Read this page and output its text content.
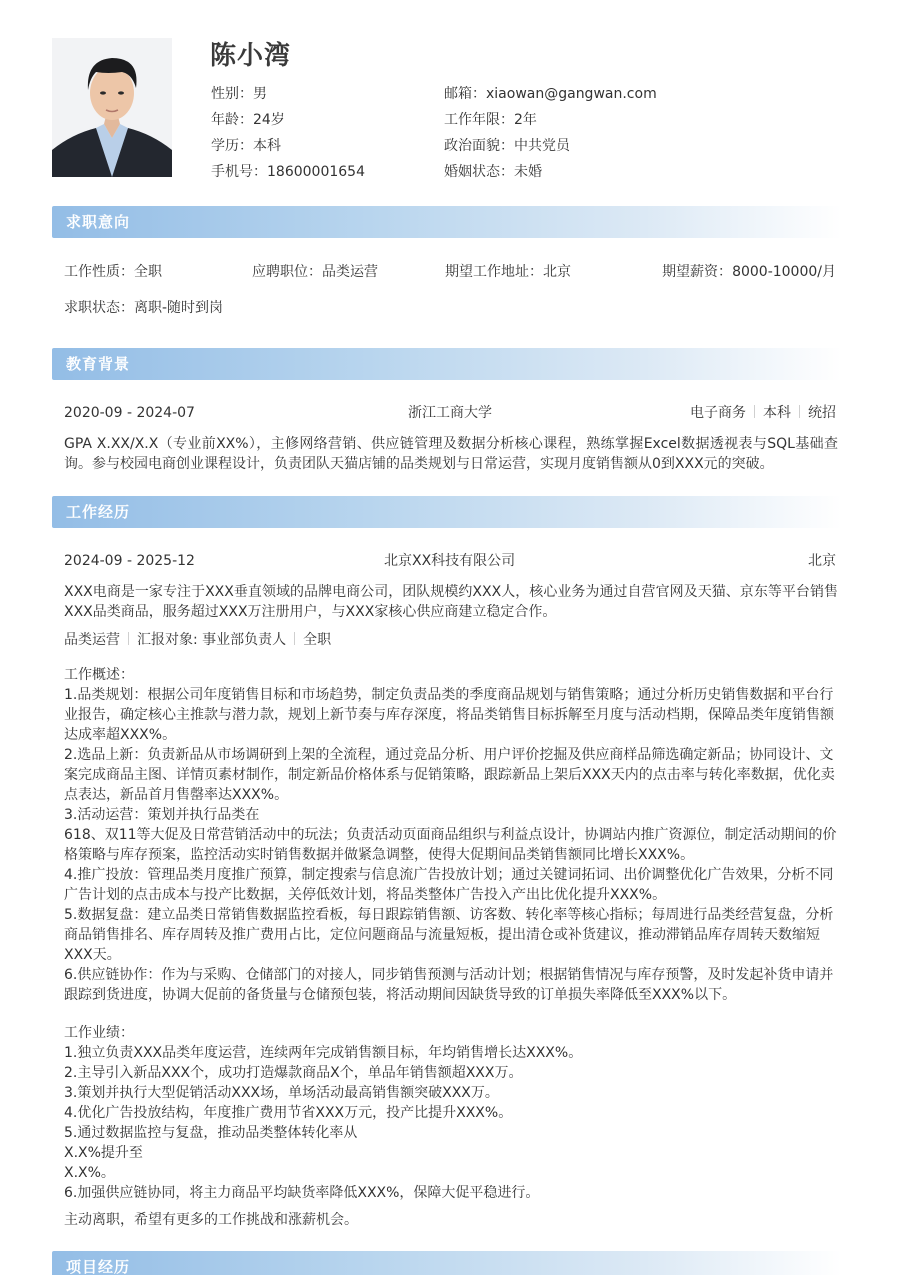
陈小湾
性别：男
年龄：24岁
学历：本科
手机号：18600001654
邮箱：xiaowan@gangwan.com
工作年限：2年
政治面貌：中共党员
婚姻状态：未婚
求职意向
工作性质：全职	应聘职位：品类运营	期望工作地址：北京	期望薪资：8000-10000/月
求职状态：离职-随时到岗
教育背景
2020-09 - 2024-07	浙江工商大学	电子商务 本科 统招
GPA X.XX/X.X（专业前XX%），主修网络营销、供应链管理及数据分析核心课程，熟练掌握Excel数据透视表与SQL基础查询。参与校园电商创业课程设计，负责团队天猫店铺的品类规划与日常运营，实现月度销售额从0到XXX元的突破。
工作经历
2024-09 - 2025-12	北京XX科技有限公司	北京
XXX电商是一家专注于XXX垂直领域的品牌电商公司，团队规模约XXX人，核心业务为通过自营官网及天猫、京东等平台销售XXX品类商品，服务超过XXX万注册用户，与XXX家核心供应商建立稳定合作。
品类运营 汇报对象: 事业部负责人 全职
工作概述：
1.品类规划：根据公司年度销售目标和市场趋势，制定负责品类的季度商品规划与销售策略；通过分析历史销售数据和平台行
业报告，确定核心主推款与潜力款，规划上新节奏与库存深度，将品类销售目标拆解至月度与活动档期，保障品类年度销售额
达成率超XXX%。
2.选品上新：负责新品从市场调研到上架的全流程，通过竞品分析、用户评价挖掘及供应商样品筛选确定新品；协同设计、文
案完成商品主图、详情页素材制作，制定新品价格体系与促销策略，跟踪新品上架后XXX天内的点击率与转化率数据，优化卖
点表达，新品首月售罄率达XXX%。
3.活动运营：策划并执行品类在
618、双11等大促及日常营销活动中的玩法；负责活动页面商品组织与利益点设计，协调站内推广资源位，制定活动期间的价
格策略与库存预案，监控活动实时销售数据并做紧急调整，使得大促期间品类销售额同比增长XXX%。
4.推广投放：管理品类月度推广预算，制定搜索与信息流广告投放计划；通过关键词拓词、出价调整优化广告效果，分析不同
广告计划的点击成本与投产比数据，关停低效计划，将品类整体广告投入产出比优化提升XXX%。
5.数据复盘：建立品类日常销售数据监控看板，每日跟踪销售额、访客数、转化率等核心指标；每周进行品类经营复盘，分析
商品销售排名、库存周转及推广费用占比，定位问题商品与流量短板，提出清仓或补货建议，推动滞销品库存周转天数缩短
XXX天。
6.供应链协作：作为与采购、仓储部门的对接人，同步销售预测与活动计划；根据销售情况与库存预警，及时发起补货申请并
跟踪到货进度，协调大促前的备货量与仓储预包装，将活动期间因缺货导致的订单损失率降低至XXX%以下。
工作业绩：
1.独立负责XXX品类年度运营，连续两年完成销售额目标，年均销售增长达XXX%。
2.主导引入新品XXX个，成功打造爆款商品X个，单品年销售额超XXX万。
3.策划并执行大型促销活动XXX场，单场活动最高销售额突破XXX万。
4.优化广告投放结构，年度推广费用节省XXX万元，投产比提升XXX%。
5.通过数据监控与复盘，推动品类整体转化率从
X.X%提升至
X.X%。
6.加强供应链协同，将主力商品平均缺货率降低XXX%，保障大促平稳进行。
主动离职，希望有更多的工作挑战和涨薪机会。
项目经历
